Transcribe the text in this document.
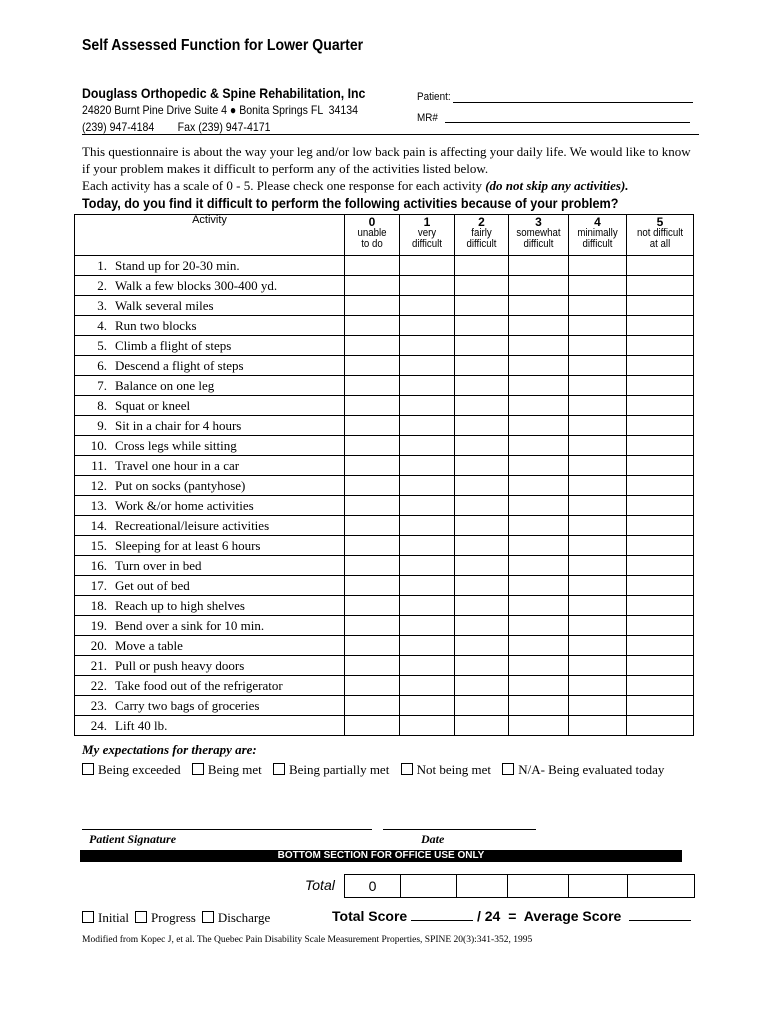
Self Assessed Function for Lower Quarter
Douglass Orthopedic & Spine Rehabilitation, Inc
24820 Burnt Pine Drive Suite 4 ● Bonita Springs FL  34134
(239) 947-4184 Fax (239) 947-4171
Patient:
MR#
This questionnaire is about the way your leg and/or low back pain is affecting your daily life. We would like to know if your problem makes it difficult to perform any of the activities listed below.
Each activity has a scale of 0 - 5. Please check one response for each activity (do not skip any activities).
Today, do you find it difficult to perform the following activities because of your problem?
Activity	0
unable
to do	1
very
difficult	2
fairly
difficult	3
somewhat
difficult	4
minimally
difficult	5
not difficult
at all

1. Stand up for 20-30 min.						
2. Walk a few blocks 300-400 yd.						
3. Walk several miles						
4. Run two blocks						
5. Climb a flight of steps						
6. Descend a flight of steps						
7. Balance on one leg						
8. Squat or kneel						
9. Sit in a chair for 4 hours						
10. Cross legs while sitting						
11. Travel one hour in a car						
12. Put on socks (pantyhose)						
13. Work &/or home activities						
14. Recreational/leisure activities						
15. Sleeping for at least 6 hours						
16. Turn over in bed						
17. Get out of bed						
18. Reach up to high shelves						
19. Bend over a sink for 10 min.						
20. Move a table						
21. Pull or push heavy doors						
22. Take food out of the refrigerator						
23. Carry two bags of groceries						
24. Lift 40 lb.						
My expectations for therapy are:
Being exceeded Being met Being partially met Not being met N/A- Being evaluated today
Patient Signature	Date
BOTTOM SECTION FOR OFFICE USE ONLY
Total 0					
Initial Progress Discharge	Total Score	/ 24 = Average Score
Modified from Kopec J, et al. The Quebec Pain Disability Scale Measurement Properties, SPINE 20(3):341-352, 1995
